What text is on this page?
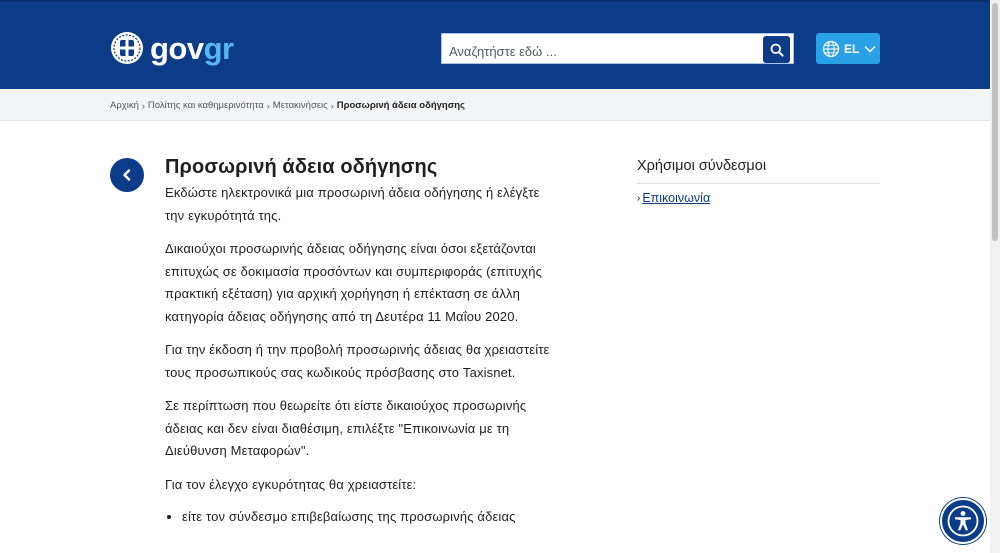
govgr
Αναζητήστε εδώ ...	EL
Αρχική › Πολίτης και καθημερινότητα › Μετακινήσεις › Προσωρινή άδεια οδήγησης
Προσωρινή άδεια οδήγησης

Εκδώστε ηλεκτρονικά μια προσωρινή άδεια οδήγησης ή ελέγξτε την εγκυρότητά της.

Δικαιούχοι προσωρινής άδειας οδήγησης είναι όσοι εξετάζονται επιτυχώς σε δοκιμασία προσόντων και συμπεριφοράς (επιτυχής πρακτική εξέταση) για αρχική χορήγηση ή επέκταση σε άλλη κατηγορία άδειας οδήγησης από τη Δευτέρα 11 Μαΐου 2020.

Για την έκδοση ή την προβολή προσωρινής άδειας θα χρειαστείτε τους προσωπικούς σας κωδικούς πρόσβασης στο Taxisnet.

Σε περίπτωση που θεωρείτε ότι είστε δικαιούχος προσωρινής άδειας και δεν είναι διαθέσιμη, επιλέξτε "Επικοινωνία με τη Διεύθυνση Μεταφορών".

Για τον έλεγχο εγκυρότητας θα χρειαστείτε:

• είτε τον σύνδεσμο επιβεβαίωσης της προσωρινής άδειας
Χρήσιμοι σύνδεσμοι
› Επικοινωνία
